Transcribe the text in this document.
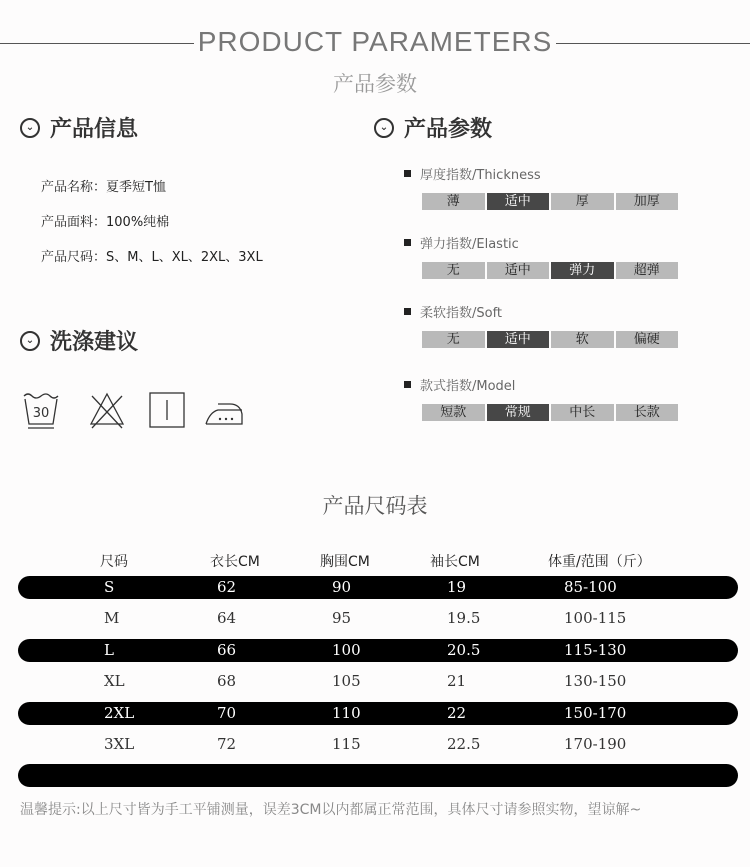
PRODUCT PARAMETERS
产品参数
⌄ 产品信息
产品名称：夏季短T恤
产品面料：100%纯棉
产品尺码：S、M、L、XL、2XL、3XL
⌄ 产品参数
厚度指数/Thickness
薄	适中	厚	加厚
弹力指数/Elastic
无	适中	弹力	超弹
柔软指数/Soft
无	适中	软	偏硬
款式指数/Model
短款	常规	中长	长款
⌄ 洗涤建议
30
产品尺码表
尺码	衣长CM	胸围CM	袖长CM	体重/范围（斤）
S	62	90	19	85-100
M	64	95	19.5	100-115
L	66	100	20.5	115-130
XL	68	105	21	130-150
2XL	70	110	22	150-170
3XL	72	115	22.5	170-190
温馨提示:以上尺寸皆为手工平铺测量，误差3CM以内都属正常范围，具体尺寸请参照实物，望谅解~
